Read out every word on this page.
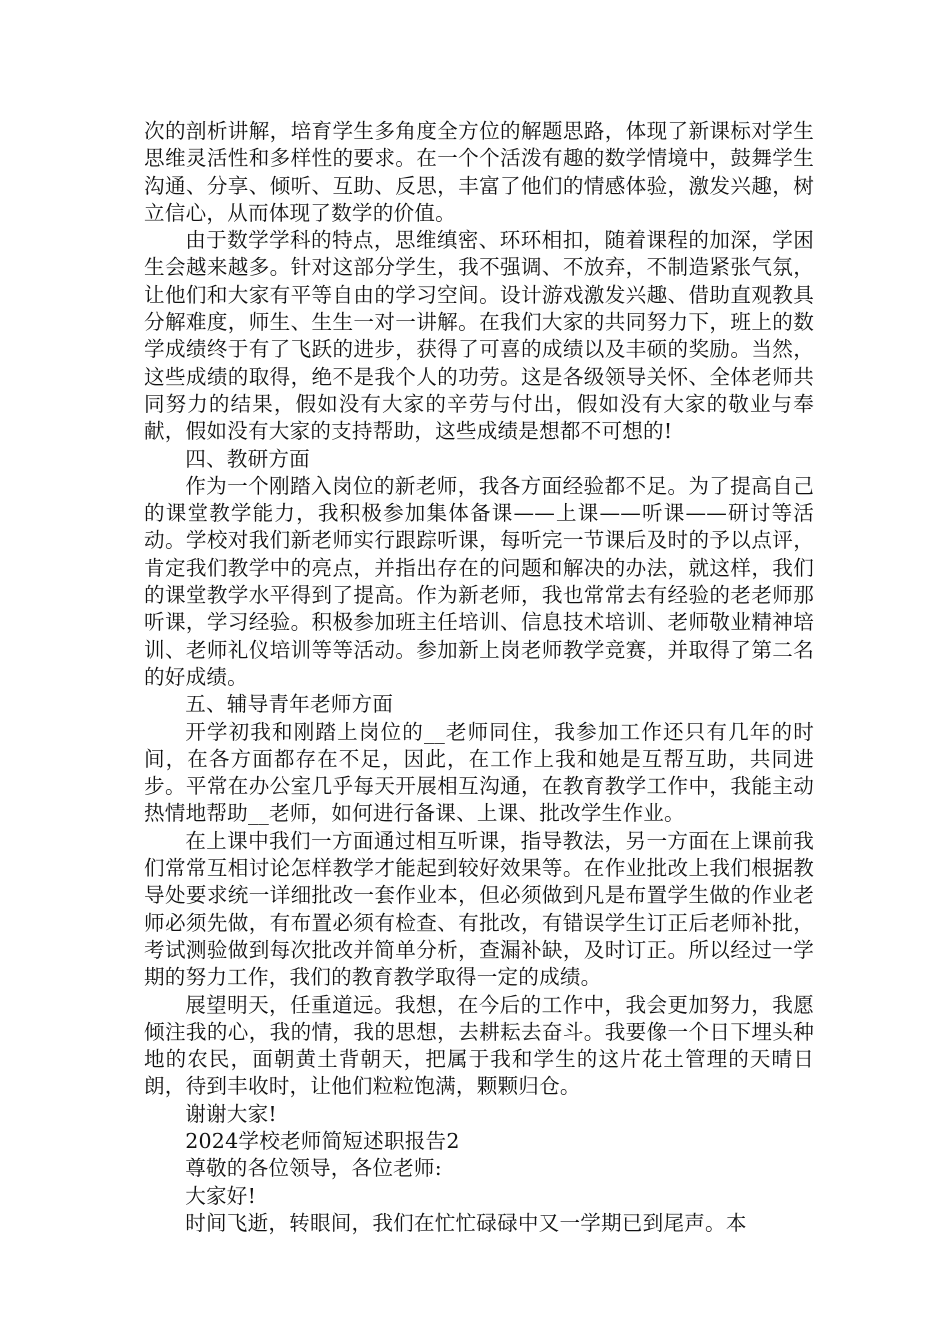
次的剖析讲解，培育学生多角度全方位的解题思路，体现了新课标对学生思维灵活性和多样性的要求。在一个个活泼有趣的数学情境中，鼓舞学生沟通、分享、倾听、互助、反思，丰富了他们的情感体验，激发兴趣，树立信心，从而体现了数学的价值。

由于数学学科的特点，思维缜密、环环相扣，随着课程的加深，学困生会越来越多。针对这部分学生，我不强调、不放弃，不制造紧张气氛，让他们和大家有平等自由的学习空间。设计游戏激发兴趣、借助直观教具分解难度，师生、生生一对一讲解。在我们大家的共同努力下，班上的数学成绩终于有了飞跃的进步，获得了可喜的成绩以及丰硕的奖励。当然，这些成绩的取得，绝不是我个人的功劳。这是各级领导关怀、全体老师共同努力的结果，假如没有大家的辛劳与付出，假如没有大家的敬业与奉献，假如没有大家的支持帮助，这些成绩是想都不可想的!

四、教研方面

作为一个刚踏入岗位的新老师，我各方面经验都不足。为了提高自己的课堂教学能力，我积极参加集体备课——上课——听课——研讨等活动。学校对我们新老师实行跟踪听课，每听完一节课后及时的予以点评，肯定我们教学中的亮点，并指出存在的问题和解决的办法，就这样，我们的课堂教学水平得到了提高。作为新老师，我也常常去有经验的老老师那听课，学习经验。积极参加班主任培训、信息技术培训、老师敬业精神培训、老师礼仪培训等等活动。参加新上岗老师教学竞赛，并取得了第二名的好成绩。

五、辅导青年老师方面

开学初我和刚踏上岗位的__老师同住，我参加工作还只有几年的时间，在各方面都存在不足，因此，在工作上我和她是互帮互助，共同进步。平常在办公室几乎每天开展相互沟通，在教育教学工作中，我能主动热情地帮助__老师，如何进行备课、上课、批改学生作业。

在上课中我们一方面通过相互听课，指导教法，另一方面在上课前我们常常互相讨论怎样教学才能起到较好效果等。在作业批改上我们根据教导处要求统一详细批改一套作业本，但必须做到凡是布置学生做的作业老师必须先做，有布置必须有检查、有批改，有错误学生订正后老师补批，考试测验做到每次批改并简单分析，查漏补缺，及时订正。所以经过一学期的努力工作，我们的教育教学取得一定的成绩。

展望明天，任重道远。我想，在今后的工作中，我会更加努力，我愿倾注我的心，我的情，我的思想，去耕耘去奋斗。我要像一个日下埋头种地的农民，面朝黄土背朝天，把属于我和学生的这片花土管理的天晴日朗，待到丰收时，让他们粒粒饱满，颗颗归仓。

谢谢大家!

2024学校老师简短述职报告2

尊敬的各位领导，各位老师:

大家好!

时间飞逝，转眼间，我们在忙忙碌碌中又一学期已到尾声。本
